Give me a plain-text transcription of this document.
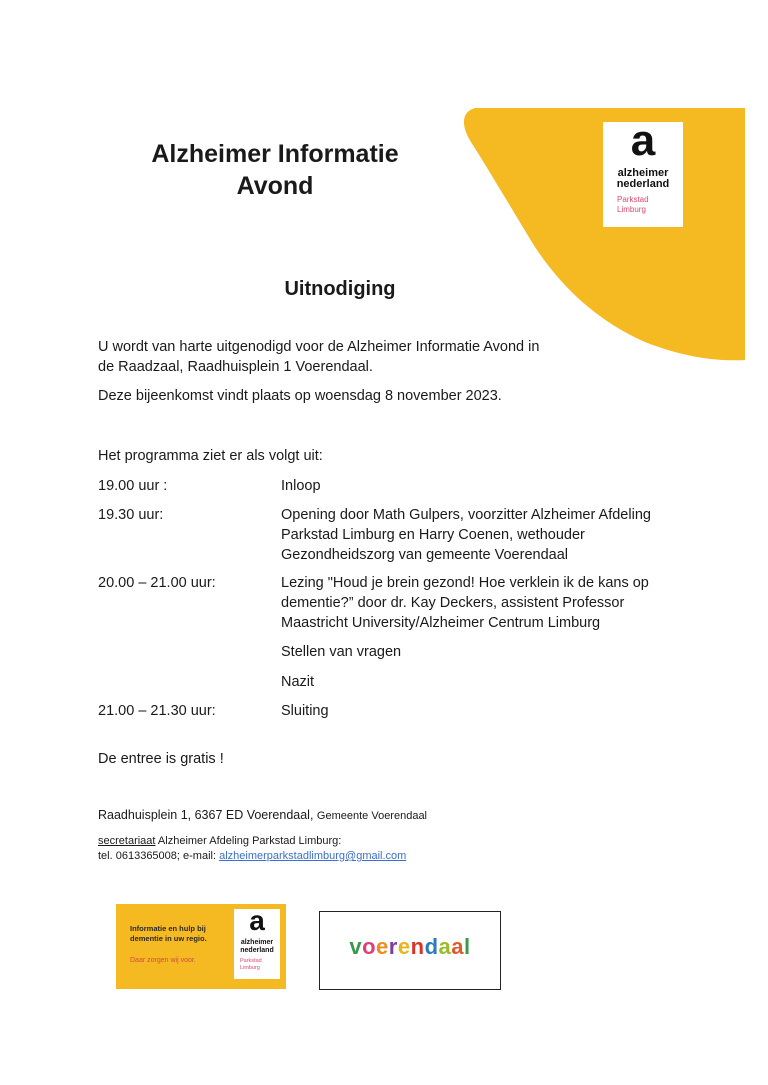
Alzheimer Informatie
Avond
a
alzheimer
nederland
Parkstad
Limburg
Uitnodiging
U wordt van harte uitgenodigd voor de Alzheimer Informatie Avond in
de Raadzaal, Raadhuisplein 1 Voerendaal.
Deze bijeenkomst vindt plaats op woensdag 8 november 2023.
Het programma ziet er als volgt uit:
19.00 uur :	Inloop
19.30 uur:	Opening door Math Gulpers, voorzitter Alzheimer Afdeling
Parkstad Limburg en Harry Coenen, wethouder
Gezondheidszorg van gemeente Voerendaal
20.00 – 21.00 uur:	Lezing "Houd je brein gezond! Hoe verklein ik de kans op
dementie?” door dr. Kay Deckers, assistent Professor
Maastricht University/Alzheimer Centrum Limburg
Stellen van vragen
Nazit
21.00 – 21.30 uur:	Sluiting
De entree is gratis !
Raadhuisplein 1, 6367 ED Voerendaal, Gemeente Voerendaal
secretariaat Alzheimer Afdeling Parkstad Limburg:
tel. 0613365008; e-mail: alzheimerparkstadlimburg@gmail.com
Informatie en hulp bij
dementie in uw regio.
Daar zorgen wij voor.
a
alzheimer
nederland
Parkstad
Limburg
voerendaal
